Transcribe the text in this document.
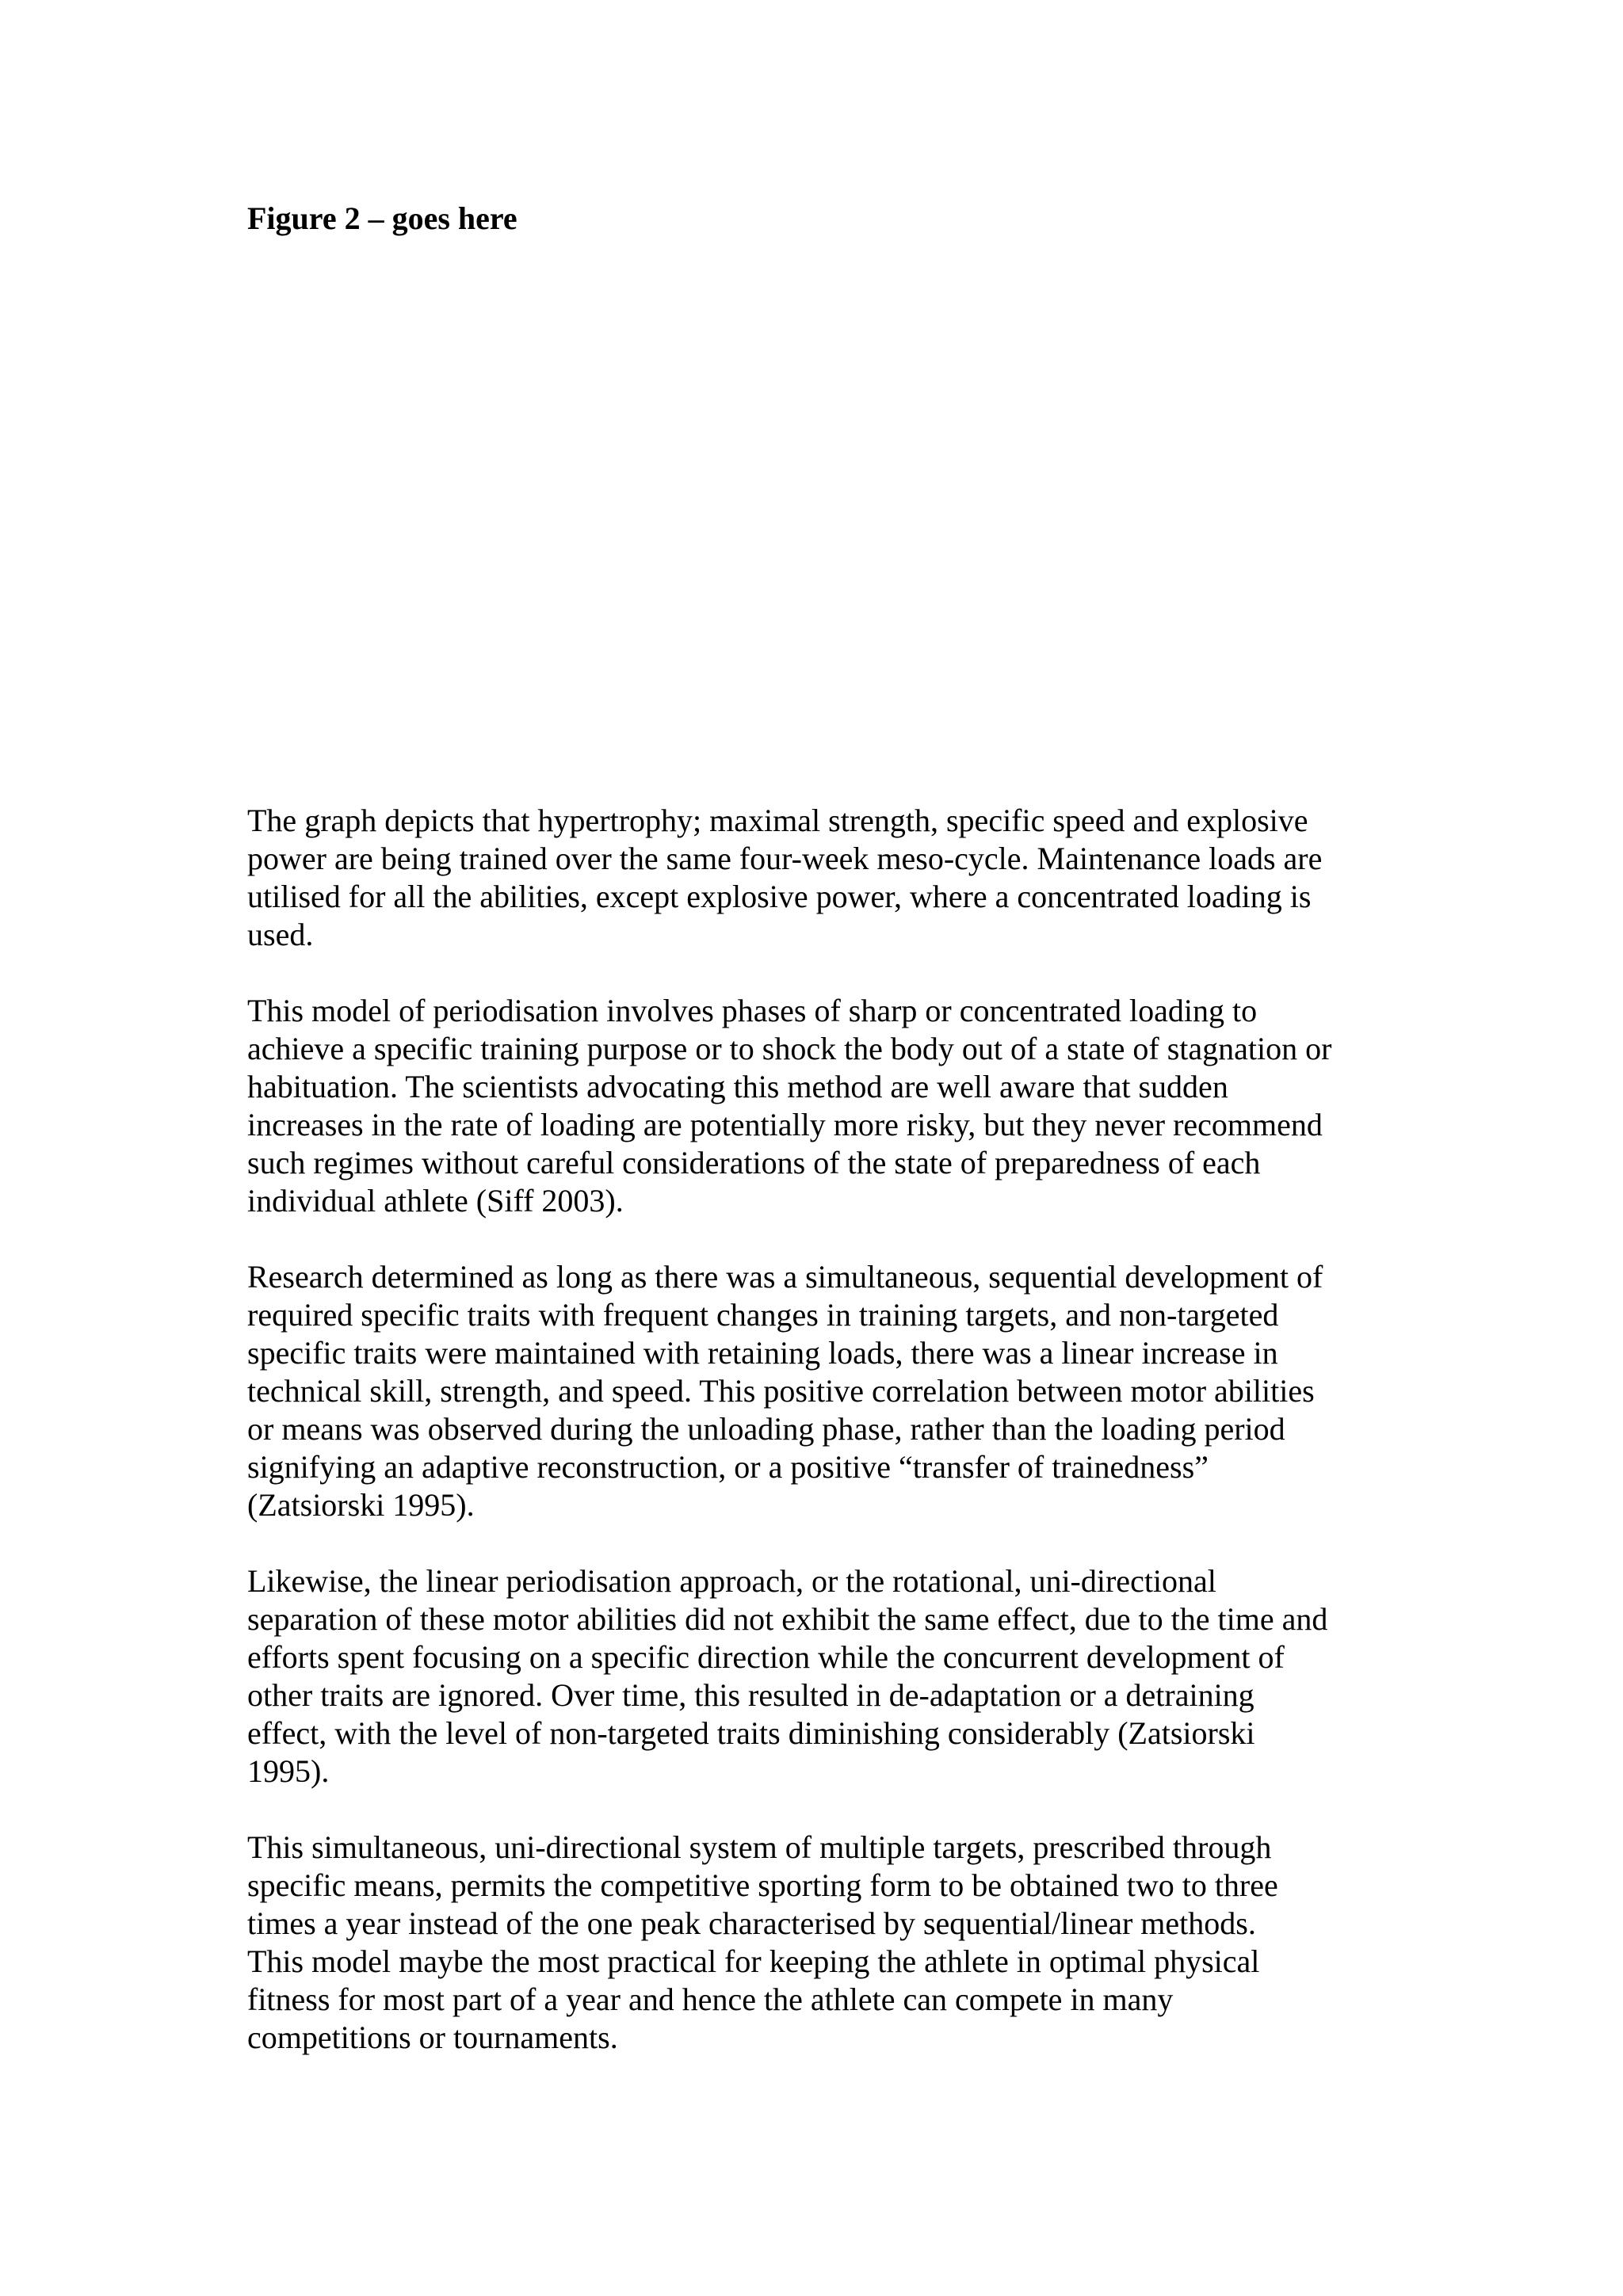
Figure 2 – goes here

The graph depicts that hypertrophy; maximal strength, specific speed and explosive
power are being trained over the same four-week meso-cycle. Maintenance loads are
utilised for all the abilities, except explosive power, where a concentrated loading is
used.

This model of periodisation involves phases of sharp or concentrated loading to
achieve a specific training purpose or to shock the body out of a state of stagnation or
habituation. The scientists advocating this method are well aware that sudden
increases in the rate of loading are potentially more risky, but they never recommend
such regimes without careful considerations of the state of preparedness of each
individual athlete (Siff 2003).

Research determined as long as there was a simultaneous, sequential development of
required specific traits with frequent changes in training targets, and non-targeted
specific traits were maintained with retaining loads, there was a linear increase in
technical skill, strength, and speed. This positive correlation between motor abilities
or means was observed during the unloading phase, rather than the loading period
signifying an adaptive reconstruction, or a positive “transfer of trainedness”
(Zatsiorski 1995).

Likewise, the linear periodisation approach, or the rotational, uni-directional
separation of these motor abilities did not exhibit the same effect, due to the time and
efforts spent focusing on a specific direction while the concurrent development of
other traits are ignored. Over time, this resulted in de-adaptation or a detraining
effect, with the level of non-targeted traits diminishing considerably (Zatsiorski
1995).

This simultaneous, uni-directional system of multiple targets, prescribed through
specific means, permits the competitive sporting form to be obtained two to three
times a year instead of the one peak characterised by sequential/linear methods.
This model maybe the most practical for keeping the athlete in optimal physical
fitness for most part of a year and hence the athlete can compete in many
competitions or tournaments.
